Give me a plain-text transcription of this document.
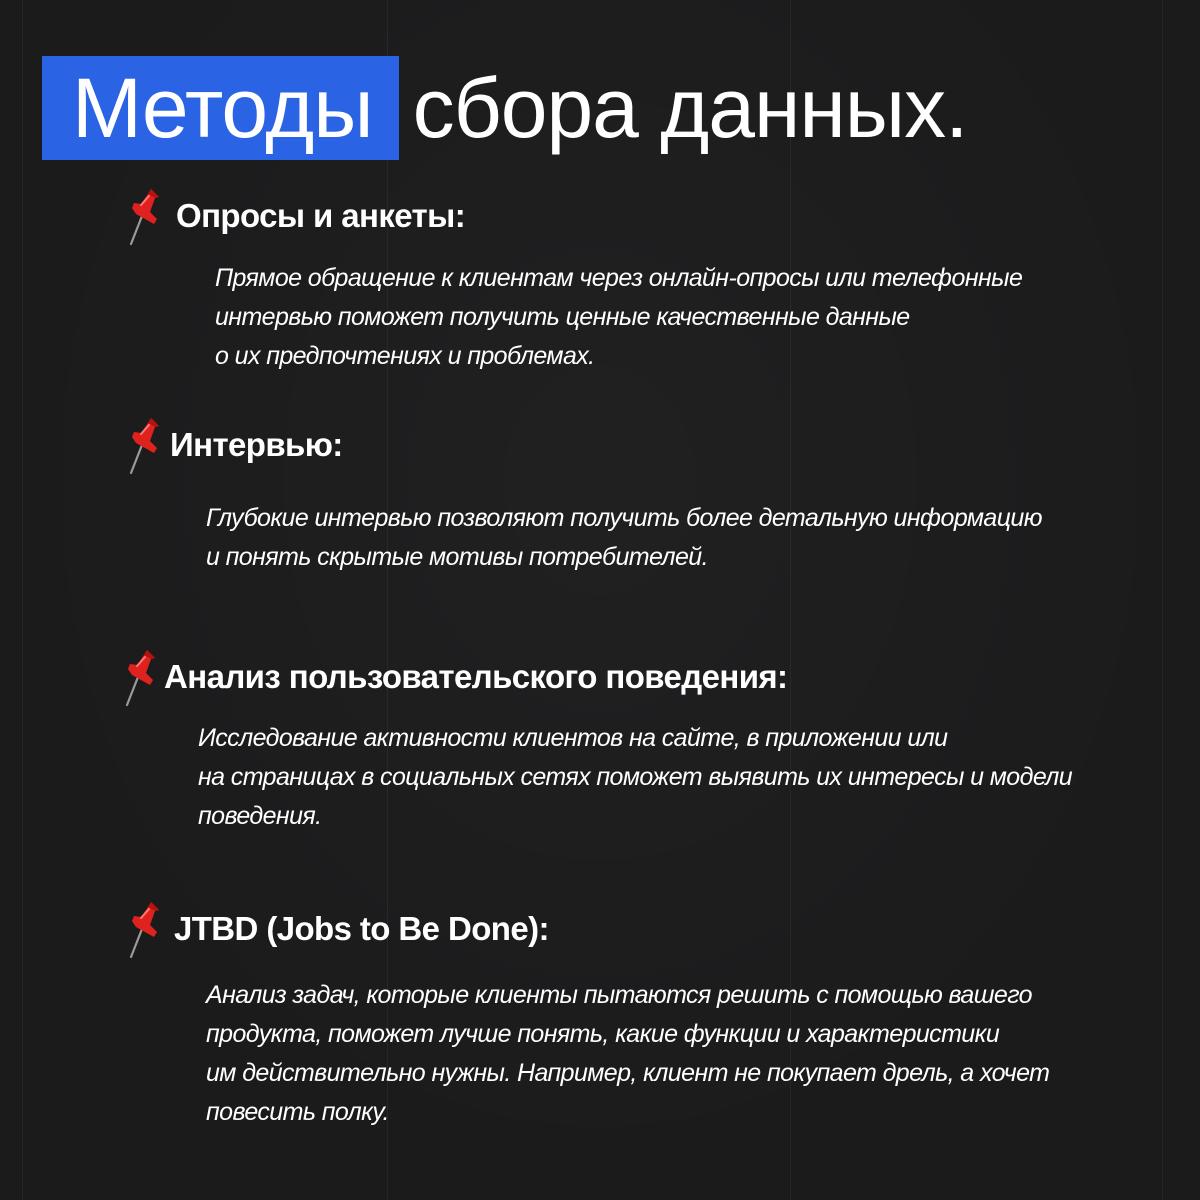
Методы сбора данных.
Опросы и анкеты:
Прямое обращение к клиентам через онлайн-опросы или телефонные
интервью поможет получить ценные качественные данные
о их предпочтениях и проблемах.
Интервью:
Глубокие интервью позволяют получить более детальную информацию
и понять скрытые мотивы потребителей.
Анализ пользовательского поведения:
Исследование активности клиентов на сайте, в приложении или
на страницах в социальных сетях поможет выявить их интересы и модели
поведения.
JTBD (Jobs to Be Done):
Анализ задач, которые клиенты пытаются решить с помощью вашего
продукта, поможет лучше понять, какие функции и характеристики
им действительно нужны. Например, клиент не покупает дрель, а хочет
повесить полку.
